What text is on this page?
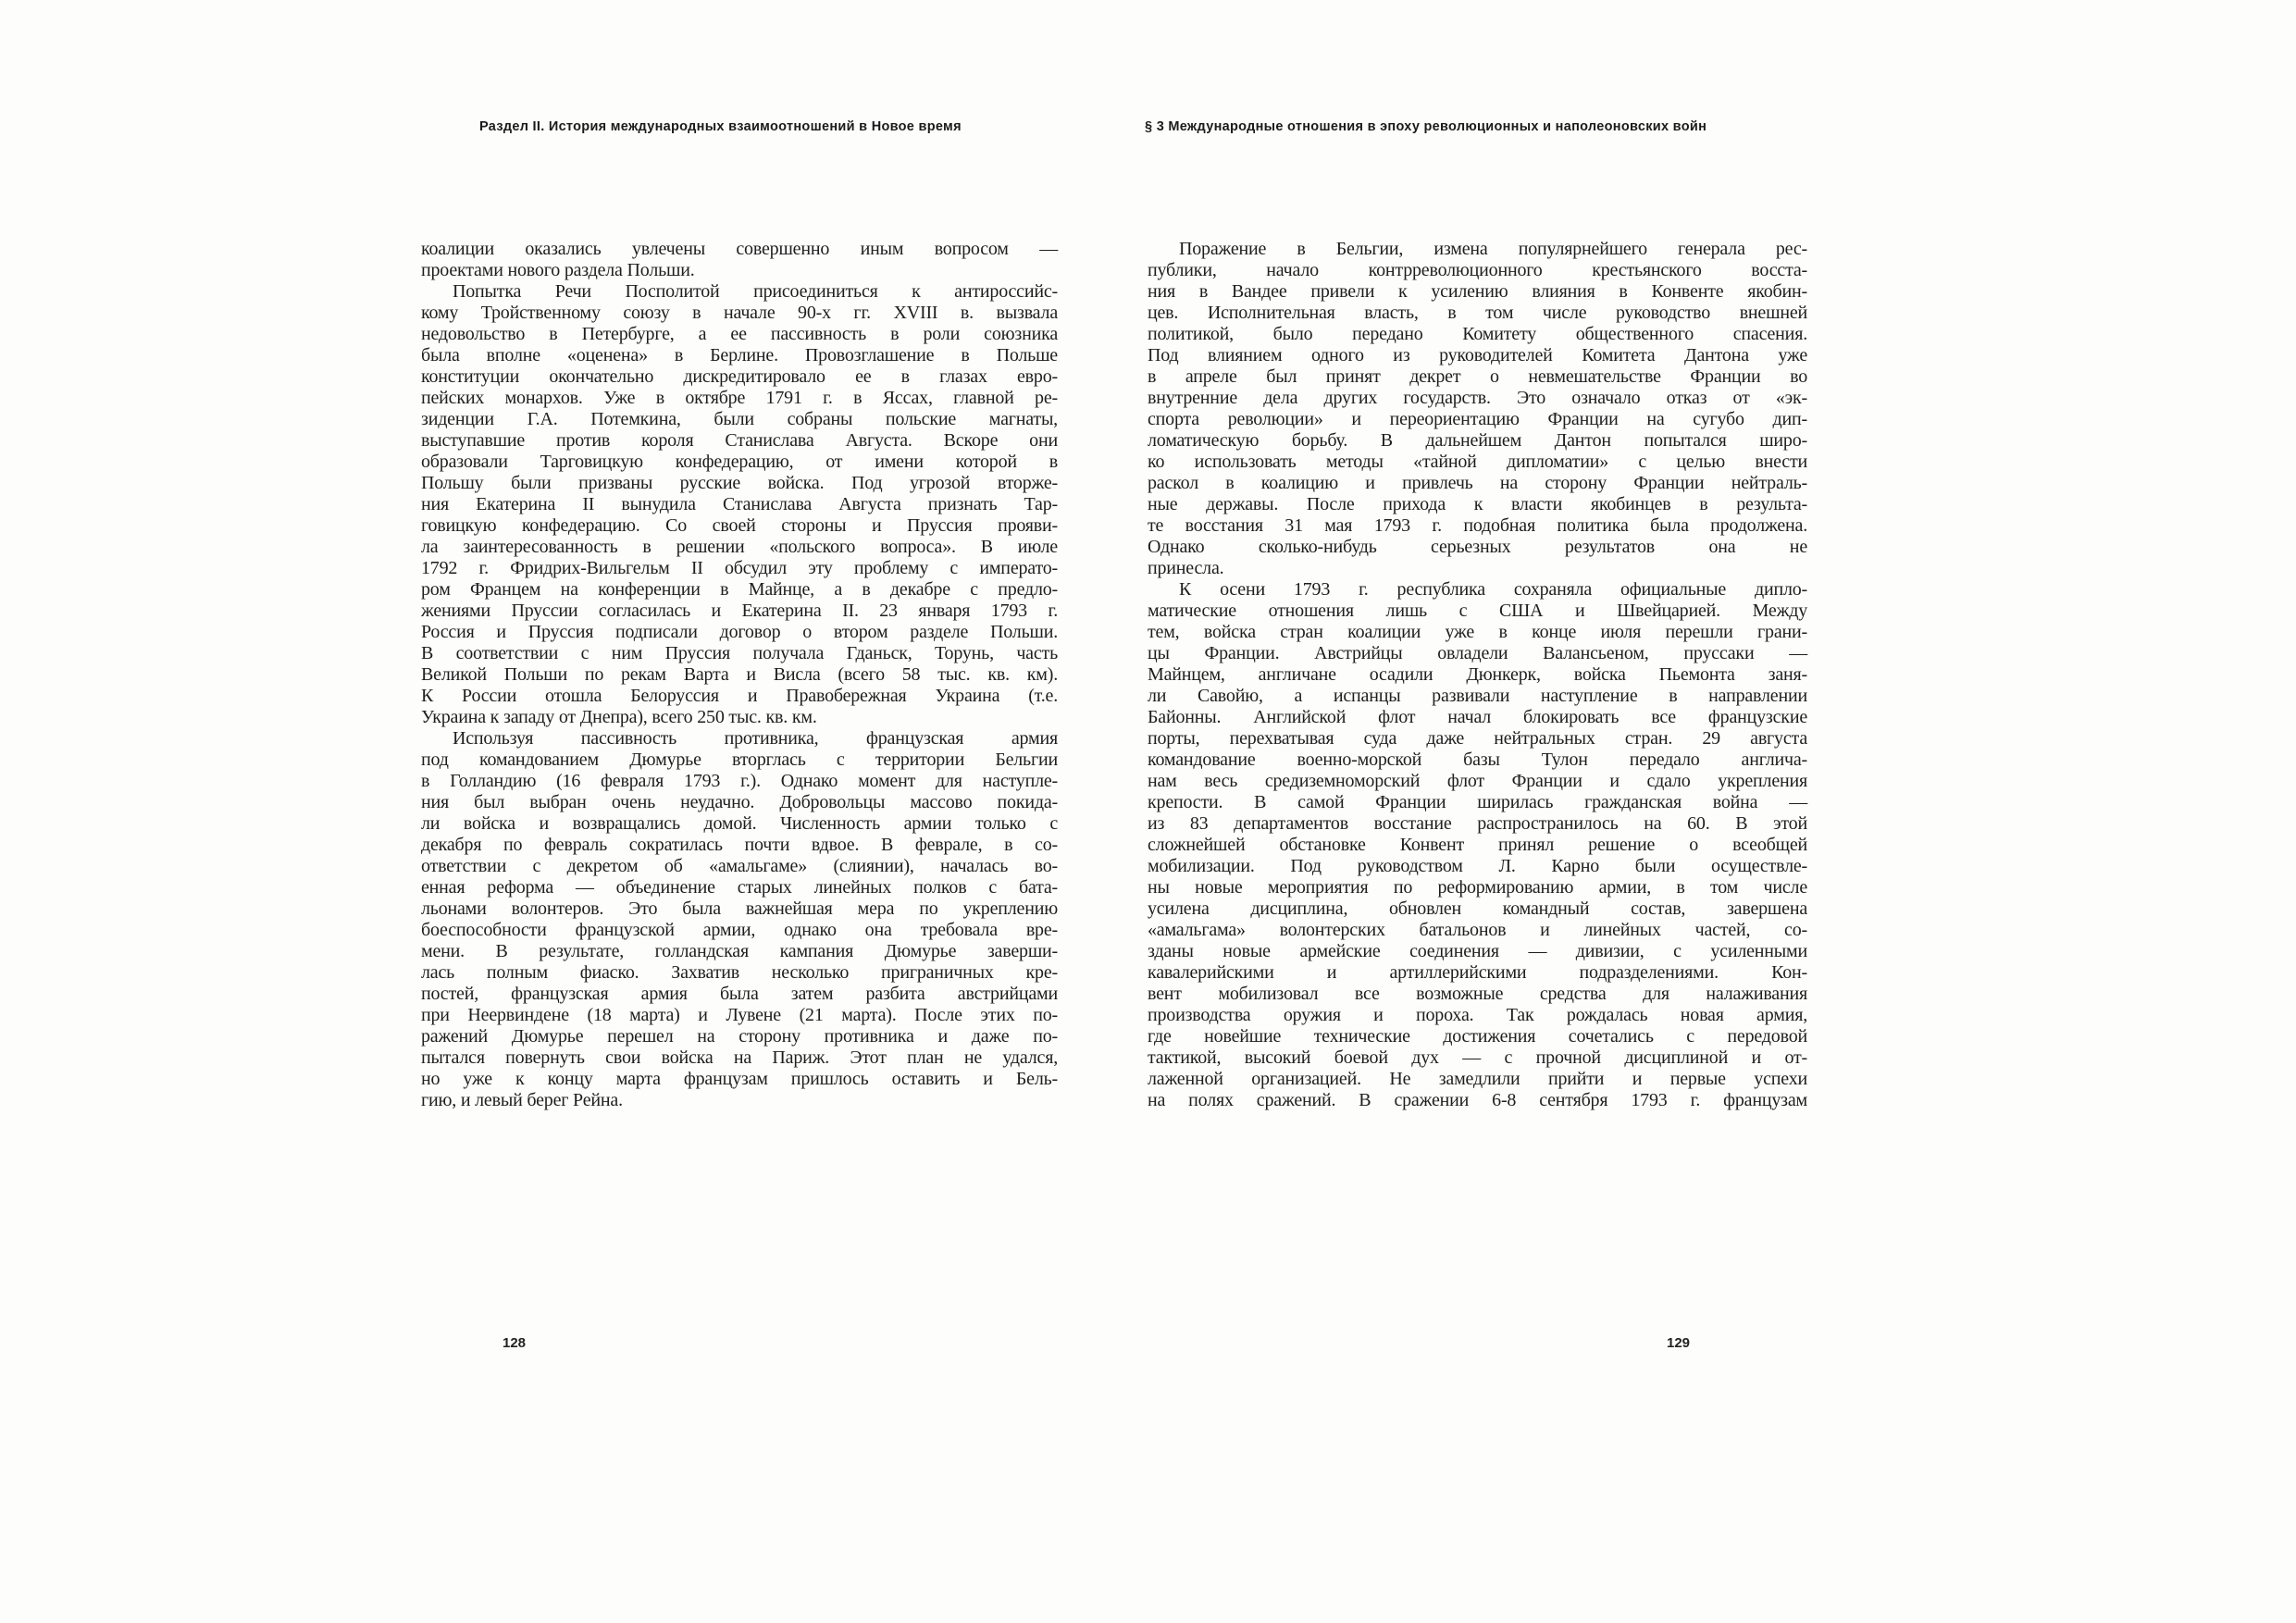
Раздел II. История международных взаимоотношений в Новое время	§ 3 Международные отношения в эпоху революционных и наполеоновских войн
коалиции оказались увлечены совершенно иным вопросом —
проектами нового раздела Польши.
Попытка Речи Посполитой присоединиться к антироссийс-
кому Тройственному союзу в начале 90-х гг. XVIII в. вызвала
недовольство в Петербурге, а ее пассивность в роли союзника
была вполне «оценена» в Берлине. Провозглашение в Польше
конституции окончательно дискредитировало ее в глазах евро-
пейских монархов. Уже в октябре 1791 г. в Яссах, главной ре-
зиденции Г.А. Потемкина, были собраны польские магнаты,
выступавшие против короля Станислава Августа. Вскоре они
образовали Тарговицкую конфедерацию, от имени которой в
Польшу были призваны русские войска. Под угрозой вторже-
ния Екатерина II вынудила Станислава Августа признать Тар-
говицкую конфедерацию. Со своей стороны и Пруссия прояви-
ла заинтересованность в решении «польского вопроса». В июле
1792 г. Фридрих-Вильгельм II обсудил эту проблему с императо-
ром Францем на конференции в Майнце, а в декабре с предло-
жениями Пруссии согласилась и Екатерина II. 23 января 1793 г.
Россия и Пруссия подписали договор о втором разделе Польши.
В соответствии с ним Пруссия получала Гданьск, Торунь, часть
Великой Польши по рекам Варта и Висла (всего 58 тыс. кв. км).
К России отошла Белоруссия и Правобережная Украина (т.е.
Украина к западу от Днепра), всего 250 тыс. кв. км.
Используя пассивность противника, французская армия
под командованием Дюмурье вторглась с территории Бельгии
в Голландию (16 февраля 1793 г.). Однако момент для наступле-
ния был выбран очень неудачно. Добровольцы массово покида-
ли войска и возвращались домой. Численность армии только с
декабря по февраль сократилась почти вдвое. В феврале, в со-
ответствии с декретом об «амальгаме» (слиянии), началась во-
енная реформа — объединение старых линейных полков с бата-
льонами волонтеров. Это была важнейшая мера по укреплению
боеспособности французской армии, однако она требовала вре-
мени. В результате, голландская кампания Дюмурье заверши-
лась полным фиаско. Захватив несколько приграничных кре-
постей, французская армия была затем разбита австрийцами
при Неервиндене (18 марта) и Лувене (21 марта). После этих по-
ражений Дюмурье перешел на сторону противника и даже по-
пытался повернуть свои войска на Париж. Этот план не удался,
но уже к концу марта французам пришлось оставить и Бель-
гию, и левый берег Рейна.
Поражение в Бельгии, измена популярнейшего генерала рес-
публики, начало контрреволюционного крестьянского восста-
ния в Вандее привели к усилению влияния в Конвенте якобин-
цев. Исполнительная власть, в том числе руководство внешней
политикой, было передано Комитету общественного спасения.
Под влиянием одного из руководителей Комитета Дантона уже
в апреле был принят декрет о невмешательстве Франции во
внутренние дела других государств. Это означало отказ от «эк-
спорта революции» и переориентацию Франции на сугубо дип-
ломатическую борьбу. В дальнейшем Дантон попытался широ-
ко использовать методы «тайной дипломатии» с целью внести
раскол в коалицию и привлечь на сторону Франции нейтраль-
ные державы. После прихода к власти якобинцев в результа-
те восстания 31 мая 1793 г. подобная политика была продолжена.
Однако сколько-нибудь серьезных результатов она не
принесла.
К осени 1793 г. республика сохраняла официальные дипло-
матические отношения лишь с США и Швейцарией. Между
тем, войска стран коалиции уже в конце июля перешли грани-
цы Франции. Австрийцы овладели Валансьеном, пруссаки —
Майнцем, англичане осадили Дюнкерк, войска Пьемонта заня-
ли Савойю, а испанцы развивали наступление в направлении
Байонны. Английской флот начал блокировать все французские
порты, перехватывая суда даже нейтральных стран. 29 августа
командование военно-морской базы Тулон передало англича-
нам весь средиземноморский флот Франции и сдало укрепления
крепости. В самой Франции ширилась гражданская война —
из 83 департаментов восстание распространилось на 60. В этой
сложнейшей обстановке Конвент принял решение о всеобщей
мобилизации. Под руководством Л. Карно были осуществле-
ны новые мероприятия по реформированию армии, в том числе
усилена дисциплина, обновлен командный состав, завершена
«амальгама» волонтерских батальонов и линейных частей, со-
зданы новые армейские соединения — дивизии, с усиленными
кавалерийскими и артиллерийскими подразделениями. Кон-
вент мобилизовал все возможные средства для налаживания
производства оружия и пороха. Так рождалась новая армия,
где новейшие технические достижения сочетались с передовой
тактикой, высокий боевой дух — с прочной дисциплиной и от-
лаженной организацией. Не замедлили прийти и первые успехи
на полях сражений. В сражении 6-8 сентября 1793 г. французам
128	129
